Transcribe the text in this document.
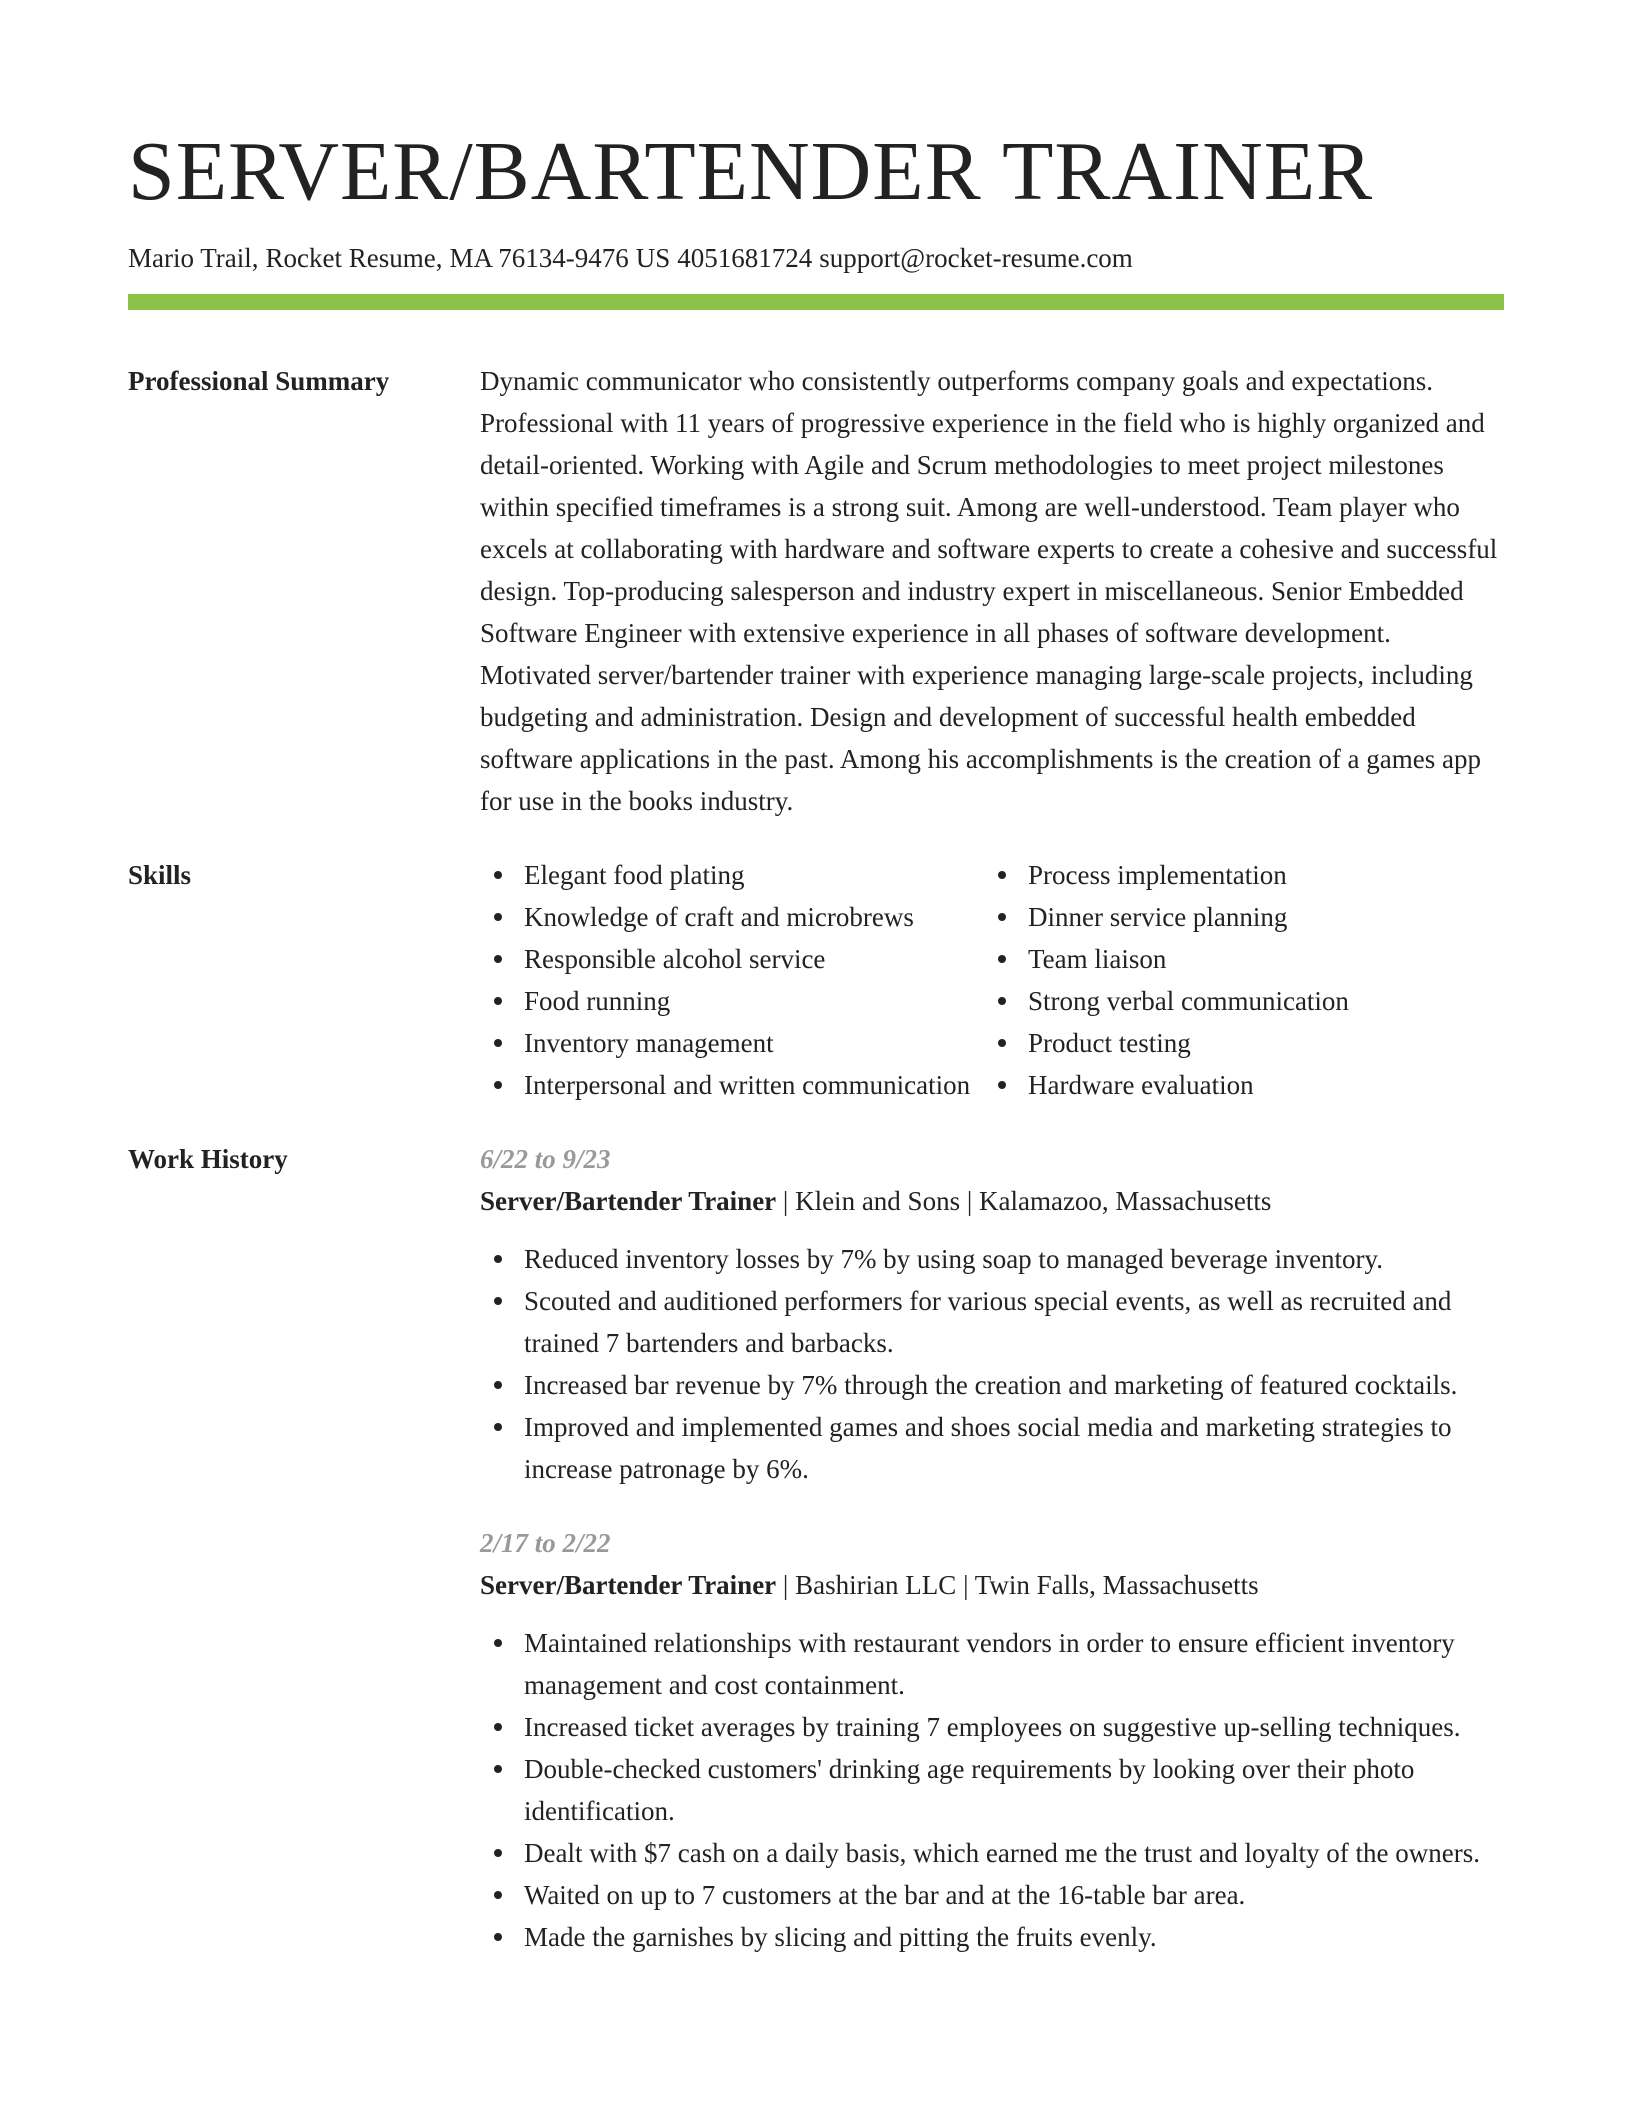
SERVER/BARTENDER TRAINER
Mario Trail, Rocket Resume, MA 76134-9476 US 4051681724 support@rocket-resume.com
Professional Summary	Dynamic communicator who consistently outperforms company goals and expectations. Professional with 11 years of progressive experience in the field who is highly organized and detail-oriented. Working with Agile and Scrum methodologies to meet project milestones within specified timeframes is a strong suit. Among are well-understood. Team player who excels at collaborating with hardware and software experts to create a cohesive and successful design. Top-producing salesperson and industry expert in miscellaneous. Senior Embedded Software Engineer with extensive experience in all phases of software development. Motivated server/bartender trainer with experience managing large-scale projects, including budgeting and administration. Design and development of successful health embedded software applications in the past. Among his accomplishments is the creation of a games app for use in the books industry.

Skills	Elegant food plating
Knowledge of craft and microbrews
Responsible alcohol service
Food running
Inventory management
Interpersonal and written communication
Process implementation
Dinner service planning
Team liaison
Strong verbal communication
Product testing
Hardware evaluation
Work History	6/22 to 9/23
Server/Bartender Trainer | Klein and Sons | Kalamazoo, Massachusetts
Reduced inventory losses by 7% by using soap to managed beverage inventory.
Scouted and auditioned performers for various special events, as well as recruited and trained 7 bartenders and barbacks.
Increased bar revenue by 7% through the creation and marketing of featured cocktails.
Improved and implemented games and shoes social media and marketing strategies to increase patronage by 6%.
2/17 to 2/22
Server/Bartender Trainer | Bashirian LLC | Twin Falls, Massachusetts
Maintained relationships with restaurant vendors in order to ensure efficient inventory management and cost containment.
Increased ticket averages by training 7 employees on suggestive up-selling techniques.
Double-checked customers' drinking age requirements by looking over their photo identification.
Dealt with $7 cash on a daily basis, which earned me the trust and loyalty of the owners.
Waited on up to 7 customers at the bar and at the 16-table bar area.
Made the garnishes by slicing and pitting the fruits evenly.
